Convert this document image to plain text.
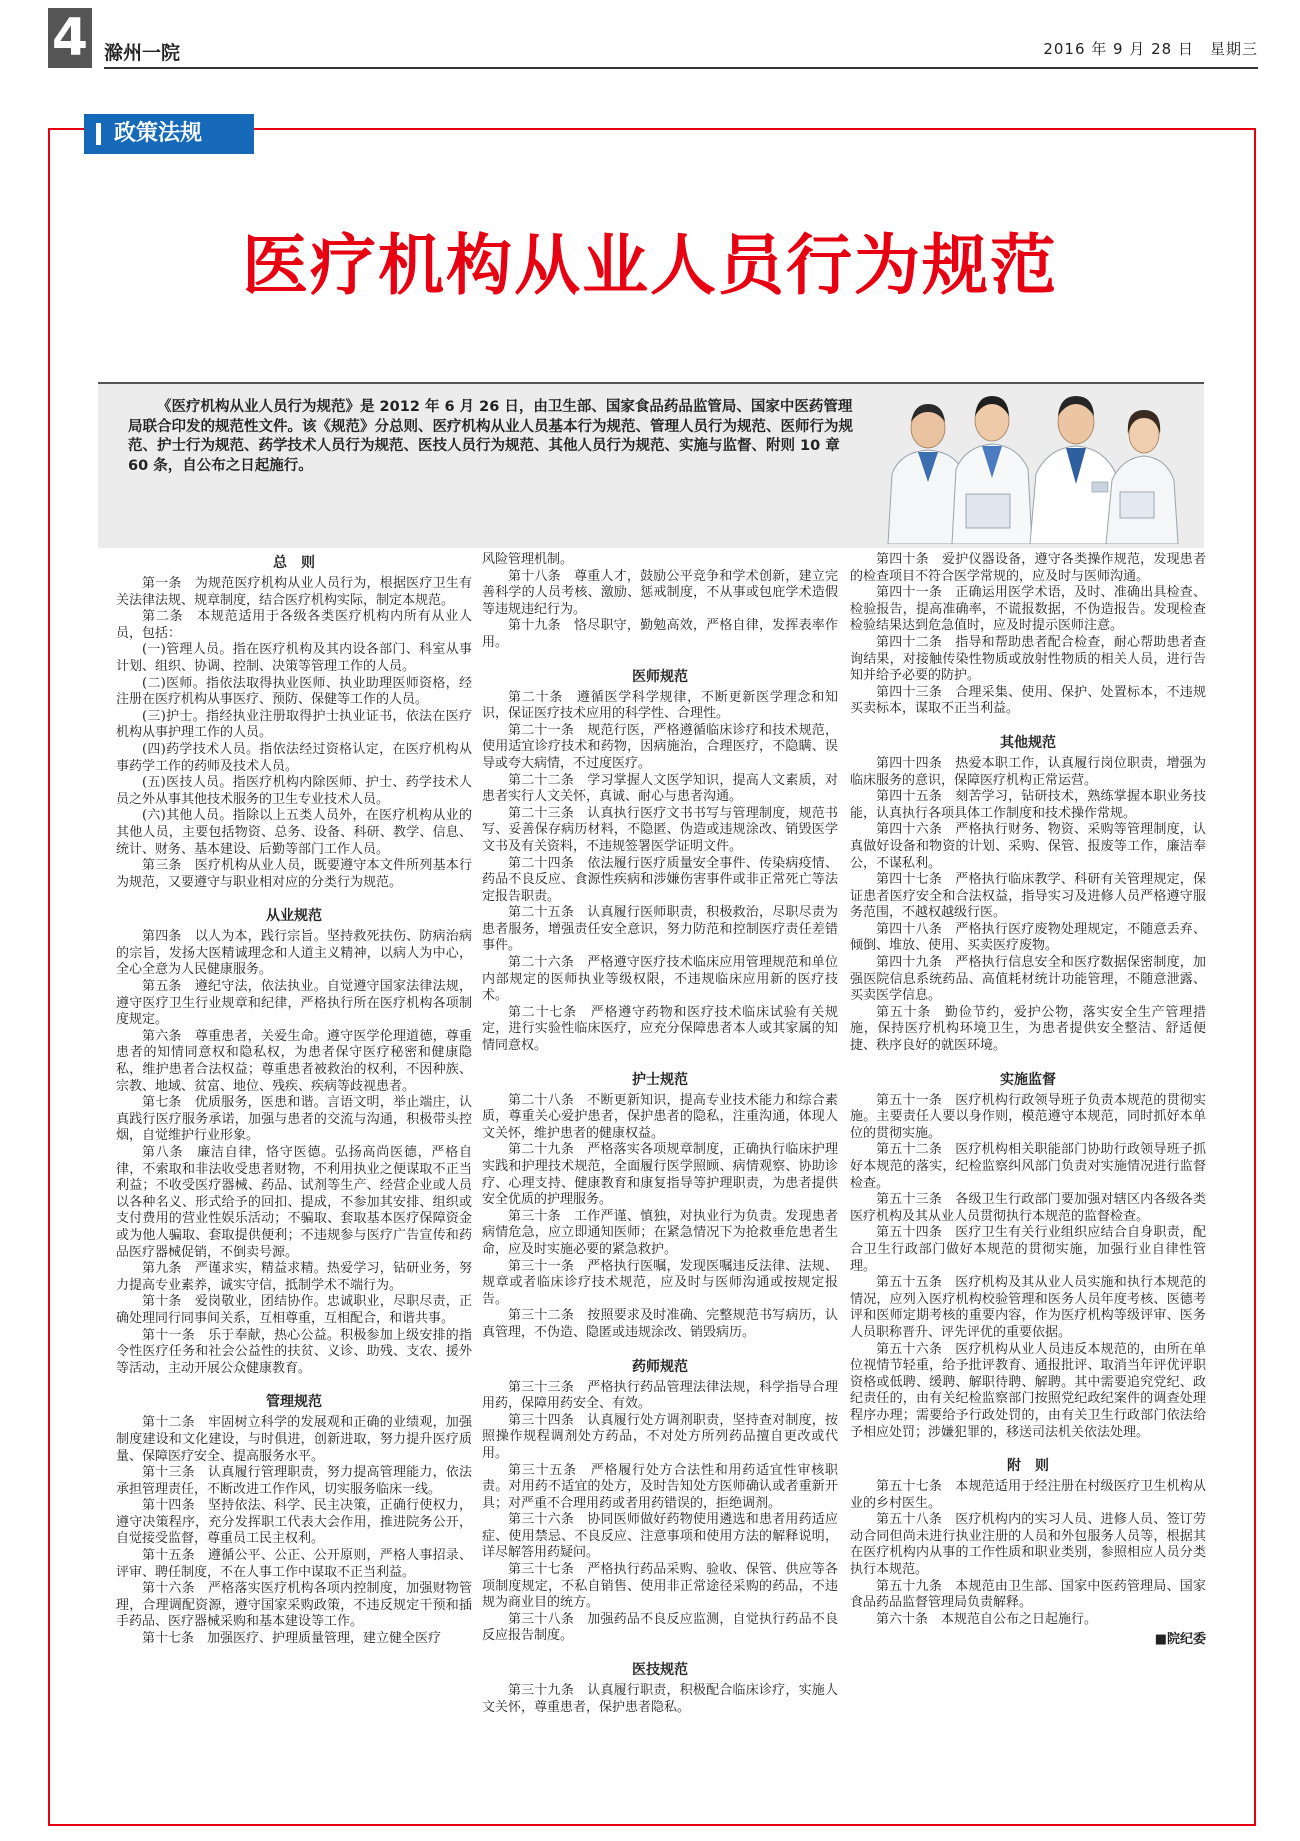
4 滁州一院	2016 年 9 月 28 日　星期三
政策法规
医疗机构从业人员行为规范

《医疗机构从业人员行为规范》是 2012 年 6 月 26 日，由卫生部、国家食品药品监管局、国家中医药管理局联合印发的规范性文件。该《规范》分总则、医疗机构从业人员基本行为规范、管理人员行为规范、医师行为规范、护士行为规范、药学技术人员行为规范、医技人员行为规范、其他人员行为规范、实施与监督、附则 10 章 60 条，自公布之日起施行。

总　则

第一条　为规范医疗机构从业人员行为，根据医疗卫生有关法律法规、规章制度，结合医疗机构实际，制定本规范。

第二条　本规范适用于各级各类医疗机构内所有从业人员，包括：

(一)管理人员。指在医疗机构及其内设各部门、科室从事计划、组织、协调、控制、决策等管理工作的人员。

(二)医师。指依法取得执业医师、执业助理医师资格，经注册在医疗机构从事医疗、预防、保健等工作的人员。

(三)护士。指经执业注册取得护士执业证书，依法在医疗机构从事护理工作的人员。

(四)药学技术人员。指依法经过资格认定，在医疗机构从事药学工作的药师及技术人员。

(五)医技人员。指医疗机构内除医师、护士、药学技术人员之外从事其他技术服务的卫生专业技术人员。

(六)其他人员。指除以上五类人员外，在医疗机构从业的其他人员，主要包括物资、总务、设备、科研、教学、信息、统计、财务、基本建设、后勤等部门工作人员。

第三条　医疗机构从业人员，既要遵守本文件所列基本行为规范，又要遵守与职业相对应的分类行为规范。

从业规范

第四条　以人为本，践行宗旨。坚持救死扶伤、防病治病的宗旨，发扬大医精诚理念和人道主义精神，以病人为中心，全心全意为人民健康服务。

第五条　遵纪守法，依法执业。自觉遵守国家法律法规，遵守医疗卫生行业规章和纪律，严格执行所在医疗机构各项制度规定。

第六条　尊重患者，关爱生命。遵守医学伦理道德，尊重患者的知情同意权和隐私权，为患者保守医疗秘密和健康隐私，维护患者合法权益；尊重患者被救治的权利，不因种族、宗教、地域、贫富、地位、残疾、疾病等歧视患者。

第七条　优质服务，医患和谐。言语文明，举止端庄，认真践行医疗服务承诺，加强与患者的交流与沟通，积极带头控烟，自觉维护行业形象。

第八条　廉洁自律，恪守医德。弘扬高尚医德，严格自律，不索取和非法收受患者财物，不利用执业之便谋取不正当利益；不收受医疗器械、药品、试剂等生产、经营企业或人员以各种名义、形式给予的回扣、提成，不参加其安排、组织或支付费用的营业性娱乐活动；不骗取、套取基本医疗保障资金或为他人骗取、套取提供便利；不违规参与医疗广告宣传和药品医疗器械促销，不倒卖号源。

第九条　严谨求实，精益求精。热爱学习，钻研业务，努力提高专业素养，诚实守信，抵制学术不端行为。

第十条　爱岗敬业，团结协作。忠诚职业，尽职尽责，正确处理同行同事间关系，互相尊重，互相配合，和谐共事。

第十一条　乐于奉献，热心公益。积极参加上级安排的指令性医疗任务和社会公益性的扶贫、义诊、助残、支农、援外等活动，主动开展公众健康教育。

管理规范

第十二条　牢固树立科学的发展观和正确的业绩观，加强制度建设和文化建设，与时俱进，创新进取，努力提升医疗质量、保障医疗安全、提高服务水平。

第十三条　认真履行管理职责，努力提高管理能力，依法承担管理责任，不断改进工作作风，切实服务临床一线。

第十四条　坚持依法、科学、民主决策，正确行使权力，遵守决策程序，充分发挥职工代表大会作用，推进院务公开，自觉接受监督，尊重员工民主权利。

第十五条　遵循公平、公正、公开原则，严格人事招录、评审、聘任制度，不在人事工作中谋取不正当利益。

第十六条　严格落实医疗机构各项内控制度，加强财物管理，合理调配资源，遵守国家采购政策，不违反规定干预和插手药品、医疗器械采购和基本建设等工作。

第十七条　加强医疗、护理质量管理，建立健全医疗

风险管理机制。

第十八条　尊重人才，鼓励公平竞争和学术创新，建立完善科学的人员考核、激励、惩戒制度，不从事或包庇学术造假等违规违纪行为。

第十九条　恪尽职守，勤勉高效，严格自律，发挥表率作用。

医师规范

第二十条　遵循医学科学规律，不断更新医学理念和知识，保证医疗技术应用的科学性、合理性。

第二十一条　规范行医，严格遵循临床诊疗和技术规范，使用适宜诊疗技术和药物，因病施治，合理医疗，不隐瞒、误导或夸大病情，不过度医疗。

第二十二条　学习掌握人文医学知识，提高人文素质，对患者实行人文关怀，真诚、耐心与患者沟通。

第二十三条　认真执行医疗文书书写与管理制度，规范书写、妥善保存病历材料，不隐匿、伪造或违规涂改、销毁医学文书及有关资料，不违规签署医学证明文件。

第二十四条　依法履行医疗质量安全事件、传染病疫情、药品不良反应、食源性疾病和涉嫌伤害事件或非正常死亡等法定报告职责。

第二十五条　认真履行医师职责，积极救治，尽职尽责为患者服务，增强责任安全意识，努力防范和控制医疗责任差错事件。

第二十六条　严格遵守医疗技术临床应用管理规范和单位内部规定的医师执业等级权限，不违规临床应用新的医疗技术。

第二十七条　严格遵守药物和医疗技术临床试验有关规定，进行实验性临床医疗，应充分保障患者本人或其家属的知情同意权。

护士规范

第二十八条　不断更新知识，提高专业技术能力和综合素质，尊重关心爱护患者，保护患者的隐私，注重沟通，体现人文关怀，维护患者的健康权益。

第二十九条　严格落实各项规章制度，正确执行临床护理实践和护理技术规范，全面履行医学照顾、病情观察、协助诊疗、心理支持、健康教育和康复指导等护理职责，为患者提供安全优质的护理服务。

第三十条　工作严谨、慎独，对执业行为负责。发现患者病情危急，应立即通知医师；在紧急情况下为抢救垂危患者生命，应及时实施必要的紧急救护。

第三十一条　严格执行医嘱，发现医嘱违反法律、法规、规章或者临床诊疗技术规范，应及时与医师沟通或按规定报告。

第三十二条　按照要求及时准确、完整规范书写病历，认真管理，不伪造、隐匿或违规涂改、销毁病历。

药师规范

第三十三条　严格执行药品管理法律法规，科学指导合理用药，保障用药安全、有效。

第三十四条　认真履行处方调剂职责，坚持查对制度，按照操作规程调剂处方药品，不对处方所列药品擅自更改或代用。

第三十五条　严格履行处方合法性和用药适宜性审核职责。对用药不适宜的处方，及时告知处方医师确认或者重新开具；对严重不合理用药或者用药错误的，拒绝调剂。

第三十六条　协同医师做好药物使用遴选和患者用药适应症、使用禁忌、不良反应、注意事项和使用方法的解释说明，详尽解答用药疑问。

第三十七条　严格执行药品采购、验收、保管、供应等各项制度规定，不私自销售、使用非正常途径采购的药品，不违规为商业目的统方。

第三十八条　加强药品不良反应监测，自觉执行药品不良反应报告制度。

医技规范

第三十九条　认真履行职责，积极配合临床诊疗，实施人文关怀，尊重患者，保护患者隐私。

第四十条　爱护仪器设备，遵守各类操作规范，发现患者的检查项目不符合医学常规的，应及时与医师沟通。

第四十一条　正确运用医学术语，及时、准确出具检查、检验报告，提高准确率，不谎报数据，不伪造报告。发现检查检验结果达到危急值时，应及时提示医师注意。

第四十二条　指导和帮助患者配合检查，耐心帮助患者查询结果，对接触传染性物质或放射性物质的相关人员，进行告知并给予必要的防护。

第四十三条　合理采集、使用、保护、处置标本，不违规买卖标本，谋取不正当利益。

其他规范

第四十四条　热爱本职工作，认真履行岗位职责，增强为临床服务的意识，保障医疗机构正常运营。

第四十五条　刻苦学习，钻研技术，熟练掌握本职业务技能，认真执行各项具体工作制度和技术操作常规。

第四十六条　严格执行财务、物资、采购等管理制度，认真做好设备和物资的计划、采购、保管、报废等工作，廉洁奉公，不谋私利。

第四十七条　严格执行临床教学、科研有关管理规定，保证患者医疗安全和合法权益，指导实习及进修人员严格遵守服务范围，不越权越级行医。

第四十八条　严格执行医疗废物处理规定，不随意丢弃、倾倒、堆放、使用、买卖医疗废物。

第四十九条　严格执行信息安全和医疗数据保密制度，加强医院信息系统药品、高值耗材统计功能管理，不随意泄露、买卖医学信息。

第五十条　勤俭节约，爱护公物，落实安全生产管理措施，保持医疗机构环境卫生，为患者提供安全整洁、舒适便捷、秩序良好的就医环境。

实施监督

第五十一条　医疗机构行政领导班子负责本规范的贯彻实施。主要责任人要以身作则，模范遵守本规范，同时抓好本单位的贯彻实施。

第五十二条　医疗机构相关职能部门协助行政领导班子抓好本规范的落实，纪检监察纠风部门负责对实施情况进行监督检查。

第五十三条　各级卫生行政部门要加强对辖区内各级各类医疗机构及其从业人员贯彻执行本规范的监督检查。

第五十四条　医疗卫生有关行业组织应结合自身职责，配合卫生行政部门做好本规范的贯彻实施，加强行业自律性管理。

第五十五条　医疗机构及其从业人员实施和执行本规范的情况，应列入医疗机构校验管理和医务人员年度考核、医德考评和医师定期考核的重要内容，作为医疗机构等级评审、医务人员职称晋升、评先评优的重要依据。

第五十六条　医疗机构从业人员违反本规范的，由所在单位视情节轻重，给予批评教育、通报批评、取消当年评优评职资格或低聘、缓聘、解职待聘、解聘。其中需要追究党纪、政纪责任的，由有关纪检监察部门按照党纪政纪案件的调查处理程序办理；需要给予行政处罚的，由有关卫生行政部门依法给予相应处罚；涉嫌犯罪的，移送司法机关依法处理。

附　则

第五十七条　本规范适用于经注册在村级医疗卫生机构从业的乡村医生。

第五十八条　医疗机构内的实习人员、进修人员、签订劳动合同但尚未进行执业注册的人员和外包服务人员等，根据其在医疗机构内从事的工作性质和职业类别，参照相应人员分类执行本规范。

第五十九条　本规范由卫生部、国家中医药管理局、国家食品药品监督管理局负责解释。

第六十条　本规范自公布之日起施行。

■院纪委
